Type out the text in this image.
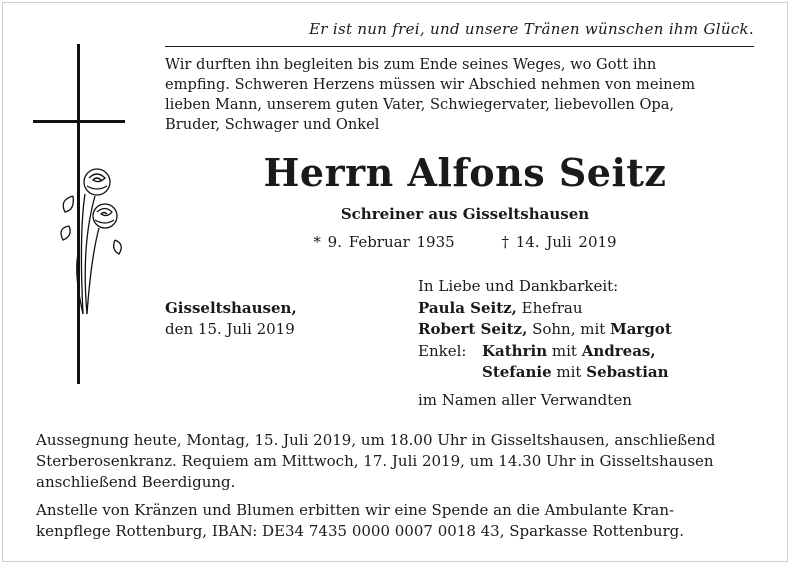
Er ist nun frei, und unsere Tränen wünschen ihm Glück.
Wir durften ihn begleiten bis zum Ende seines Weges, wo Gott ihn
empfing. Schweren Herzens müssen wir Abschied nehmen von meinem
lieben Mann, unserem guten Vater, Schwiegervater, liebevollen Opa,
Bruder, Schwager und Onkel
Herrn Alfons Seitz
Schreiner aus Gisseltshausen
* 9. Februar 1935	† 14. Juli 2019
Gisseltshausen,
den 15. Juli 2019
In Liebe und Dankbarkeit:
Paula Seitz, Ehefrau
Robert Seitz, Sohn, mit Margot
Enkel: Kathrin mit Andreas,
Stefanie mit Sebastian
im Namen aller Verwandten
Aussegnung heute, Montag, 15. Juli 2019, um 18.00 Uhr in Gisseltshausen, anschließend
Sterberosenkranz. Requiem am Mittwoch, 17. Juli 2019, um 14.30 Uhr in Gisseltshausen
anschließend Beerdigung.
Anstelle von Kränzen und Blumen erbitten wir eine Spende an die Ambulante Kran-
kenpflege Rottenburg, IBAN: DE34 7435 0000 0007 0018 43, Sparkasse Rottenburg.
